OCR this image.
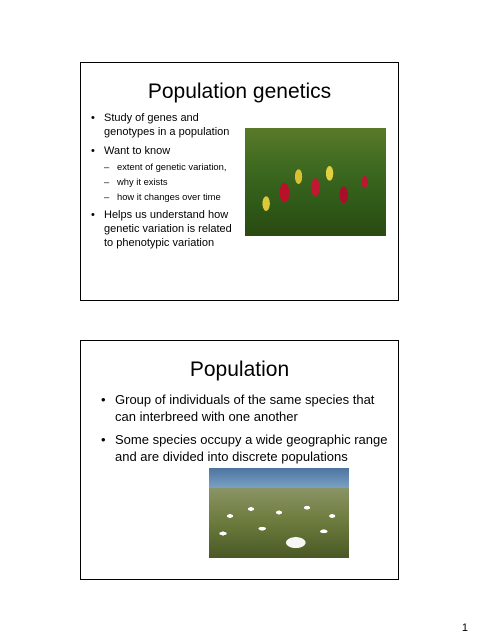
Population genetics
• Study of genes and genotypes in a population
• Want to know
– extent of genetic variation,
– why it exists
– how it changes over time
• Helps us understand how genetic variation is related to phenotypic variation
Population
• Group of individuals of the same species that can interbreed with one another
• Some species occupy a wide geographic range and are divided into discrete populations
1
